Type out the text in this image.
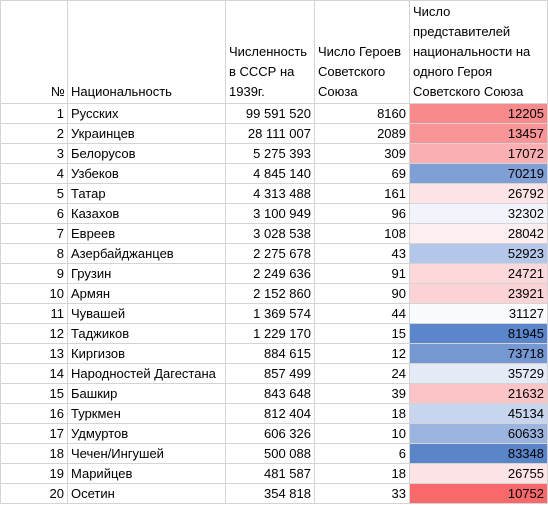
№	Национальность	Численность в СССР на 1939г.	Число Героев Советского Союза	Число представителей национальности на одного Героя Советского Союза
1	Русских	99 591 520	8160	12205
2	Украинцев	28 111 007	2089	13457
3	Белорусов	5 275 393	309	17072
4	Узбеков	4 845 140	69	70219
5	Татар	4 313 488	161	26792
6	Казахов	3 100 949	96	32302
7	Евреев	3 028 538	108	28042
8	Азербайджанцев	2 275 678	43	52923
9	Грузин	2 249 636	91	24721
10	Армян	2 152 860	90	23921
11	Чувашей	1 369 574	44	31127
12	Таджиков	1 229 170	15	81945
13	Киргизов	884 615	12	73718
14	Народностей Дагестана	857 499	24	35729
15	Башкир	843 648	39	21632
16	Туркмен	812 404	18	45134
17	Удмуртов	606 326	10	60633
18	Чечен/Ингушей	500 088	6	83348
19	Марийцев	481 587	18	26755
20	Осетин	354 818	33	10752
